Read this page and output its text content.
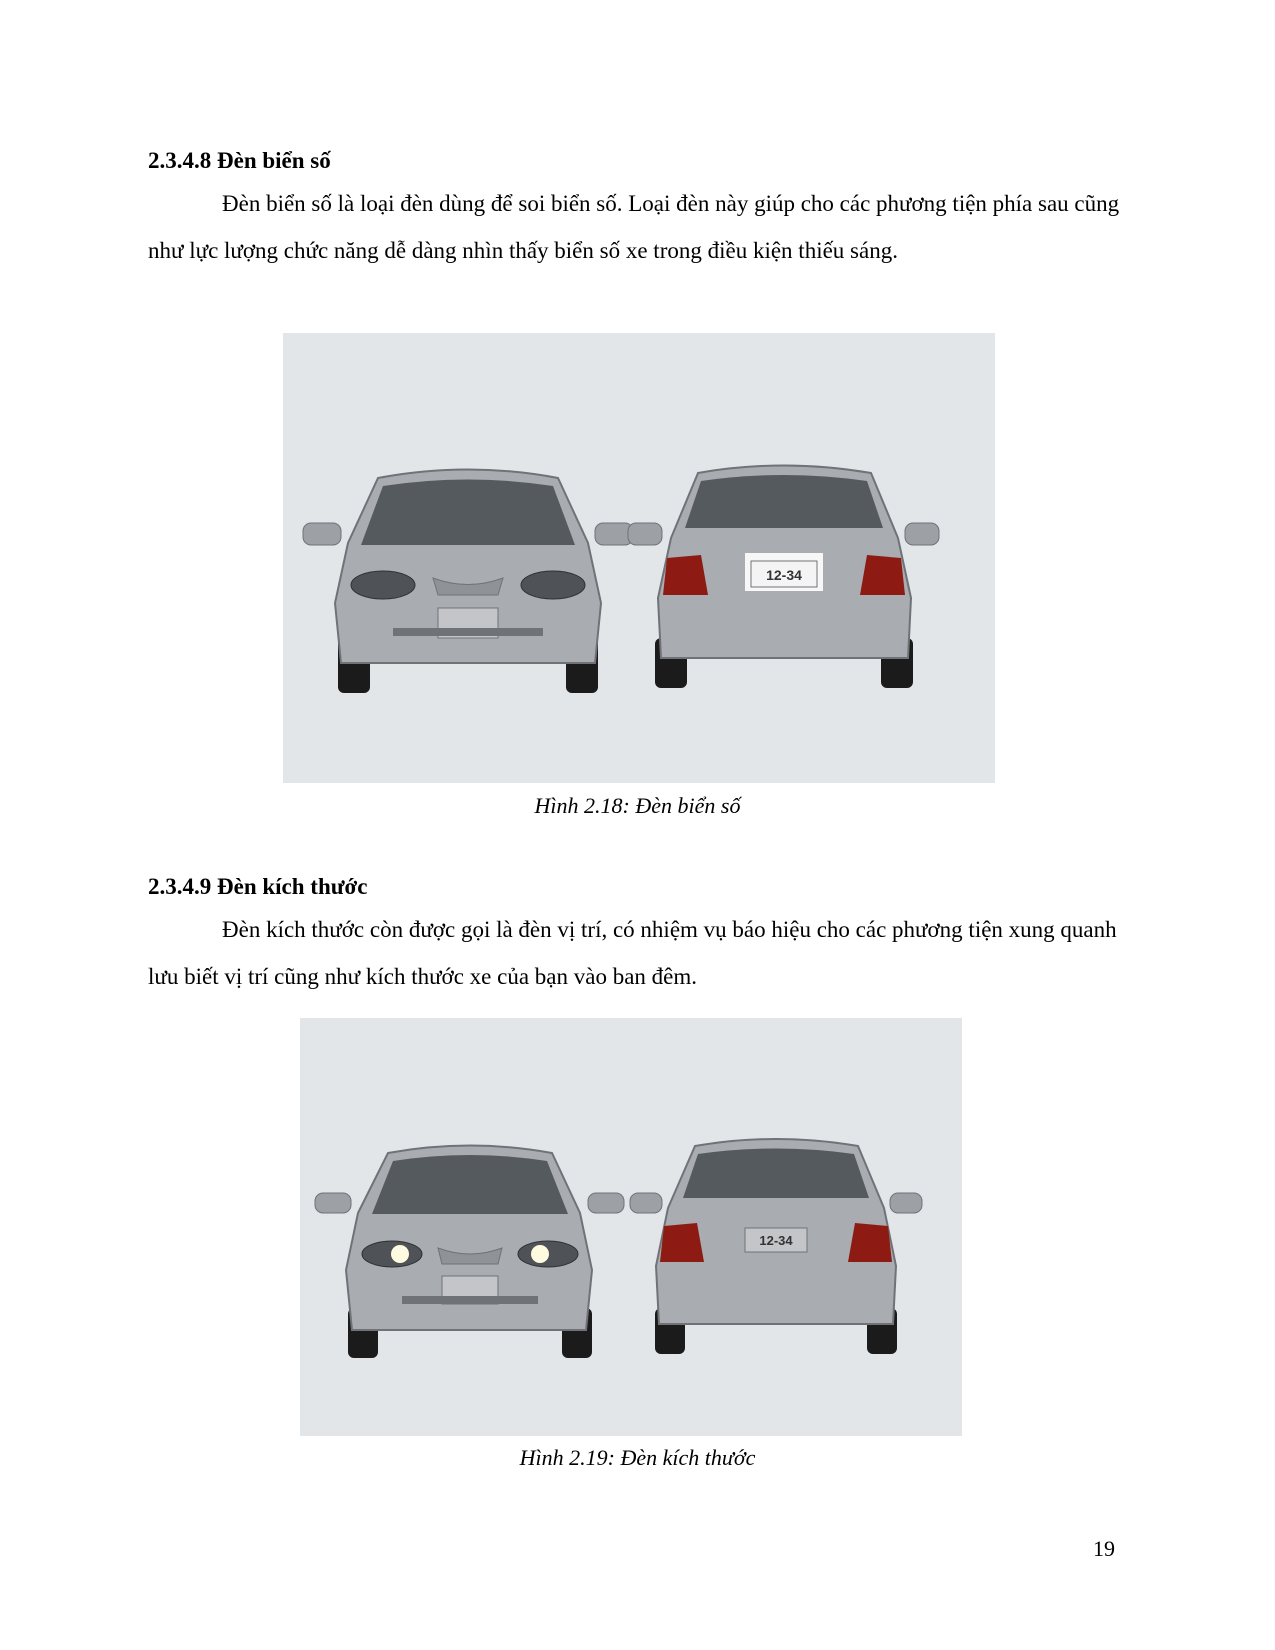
2.3.4.8 Đèn biển số

Đèn biển số là loại đèn dùng để soi biển số. Loại đèn này giúp cho các phương tiện phía sau cũng như lực lượng chức năng dễ dàng nhìn thấy biển số xe trong điều kiện thiếu sáng.

12-34
Hình 2.18: Đèn biển số
2.3.4.9 Đèn kích thước

Đèn kích thước còn được gọi là đèn vị trí, có nhiệm vụ báo hiệu cho các phương tiện xung quanh lưu biết vị trí cũng như kích thước xe của bạn vào ban đêm.

12-34
Hình 2.19: Đèn kích thước
19
